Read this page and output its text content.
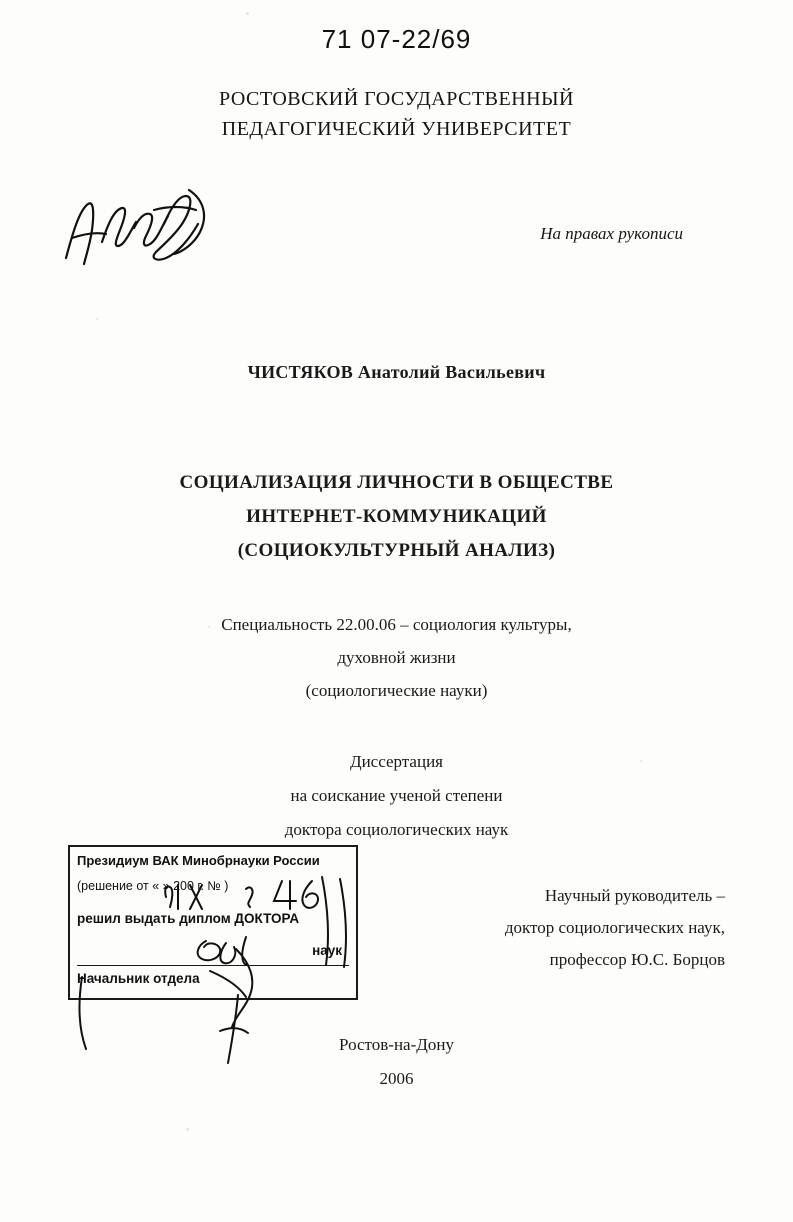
71 07-22/69
РОСТОВСКИЙ ГОСУДАРСТВЕННЫЙ
ПЕДАГОГИЧЕСКИЙ УНИВЕРСИТЕТ
На правах рукописи
ЧИСТЯКОВ Анатолий Васильевич
СОЦИАЛИЗАЦИЯ ЛИЧНОСТИ В ОБЩЕСТВЕ
ИНТЕРНЕТ-КОММУНИКАЦИЙ
(СОЦИОКУЛЬТУРНЫЙ АНАЛИЗ)
Специальность 22.00.06 – социология культуры,
духовной жизни
(социологические науки)
Диссертация
на соискание ученой степени
доктора социологических наук
Научный руководитель –
доктор социологических наук,
профессор Ю.С. Борцов
Президиум ВАК Минобрнауки России
(решение от « » 200 г. № )
решил выдать диплом ДОКТОРА
наук
Начальник отдела
Ростов-на-Дону
2006
